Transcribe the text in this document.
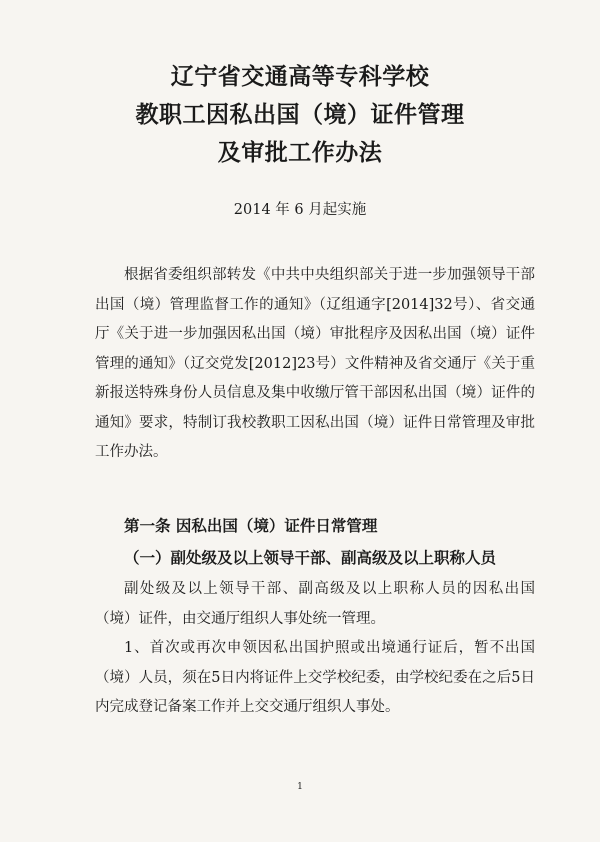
辽宁省交通高等专科学校
教职工因私出国（境）证件管理
及审批工作办法
2014 年 6 月起实施

根据省委组织部转发《中共中央组织部关于进一步加强领导干部出国（境）管理监督工作的通知》（辽组通字[2014]32号）、省交通厅《关于进一步加强因私出国（境）审批程序及因私出国（境）证件管理的通知》（辽交党发[2012]23号）文件精神及省交通厅《关于重新报送特殊身份人员信息及集中收缴厅管干部因私出国（境）证件的通知》要求，特制订我校教职工因私出国（境）证件日常管理及审批工作办法。

第一条 因私出国（境）证件日常管理
（一）副处级及以上领导干部、副高级及以上职称人员

副处级及以上领导干部、副高级及以上职称人员的因私出国（境）证件，由交通厅组织人事处统一管理。

1、首次或再次申领因私出国护照或出境通行证后，暂不出国（境）人员，须在5日内将证件上交学校纪委，由学校纪委在之后5日内完成登记备案工作并上交交通厅组织人事处。

1
